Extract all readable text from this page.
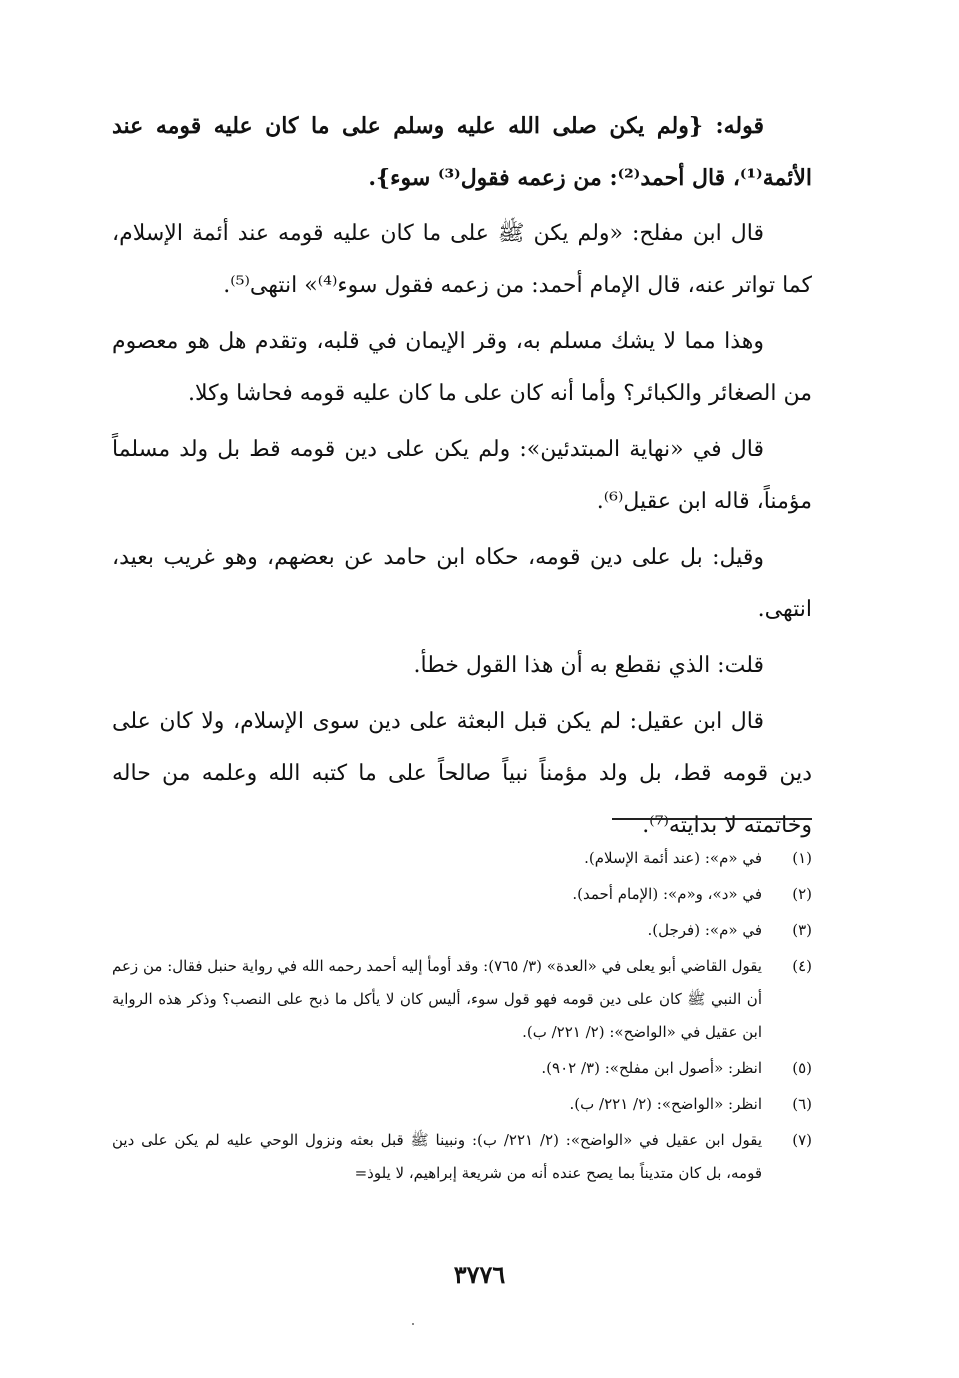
قوله: {ولم يكن صلى الله عليه وسلم على ما كان عليه قومه عند الأئمة⁽¹⁾، قال أحمد⁽²⁾: من زعمه فقول⁽³⁾ سوء}.

قال ابن مفلح: «ولم يكن ﷺ على ما كان عليه قومه عند أئمة الإسلام، كما تواتر عنه، قال الإمام أحمد: من زعمه فقول سوء⁽⁴⁾» انتهى⁽⁵⁾.

وهذا مما لا يشك مسلم به، وقر الإيمان في قلبه، وتقدم هل هو معصوم من الصغائر والكبائر؟ وأما أنه كان على ما كان عليه قومه فحاشا وكلا.

قال في «نهاية المبتدئين»: ولم يكن على دين قومه قط بل ولد مسلماً مؤمناً، قاله ابن عقيل⁽⁶⁾.

وقيل: بل على دين قومه، حكاه ابن حامد عن بعضهم، وهو غريب بعيد، انتهى.

قلت: الذي نقطع به أن هذا القول خطأ.

قال ابن عقيل: لم يكن قبل البعثة على دين سوى الإسلام، ولا كان على دين قومه قط، بل ولد مؤمناً نبياً صالحاً على ما كتبه الله وعلمه من حاله وخاتمته لا بدايته⁽⁷⁾.

(١)
في «م»: (عند أئمة الإسلام).
(٢)
في «د»، و«م»: (الإمام أحمد).
(٣)
في «م»: (فرجل).
(٤)
يقول القاضي أبو يعلى في «العدة» (٣/ ٧٦٥): وقد أومأ إليه أحمد رحمه الله في رواية حنبل فقال: من زعم أن النبي ﷺ كان على دين قومه فهو قول سوء، أليس كان لا يأكل ما ذبح على النصب؟ وذكر هذه الرواية ابن عقيل في «الواضح»: (٢/ ٢٢١/ ب).
(٥)
انظر: «أصول ابن مفلح»: (٣/ ٩٠٢).
(٦)
انظر: «الواضح»: (٢/ ٢٢١/ ب).
(٧)
يقول ابن عقيل في «الواضح»: (٢/ ٢٢١/ ب): ونبينا ﷺ قبل بعثه ونزول الوحي عليه لم يكن على دين قومه، بل كان متديناً بما يصح عنده أنه من شريعة إبراهيم، لا يلوذ=
٣٧٧٦
